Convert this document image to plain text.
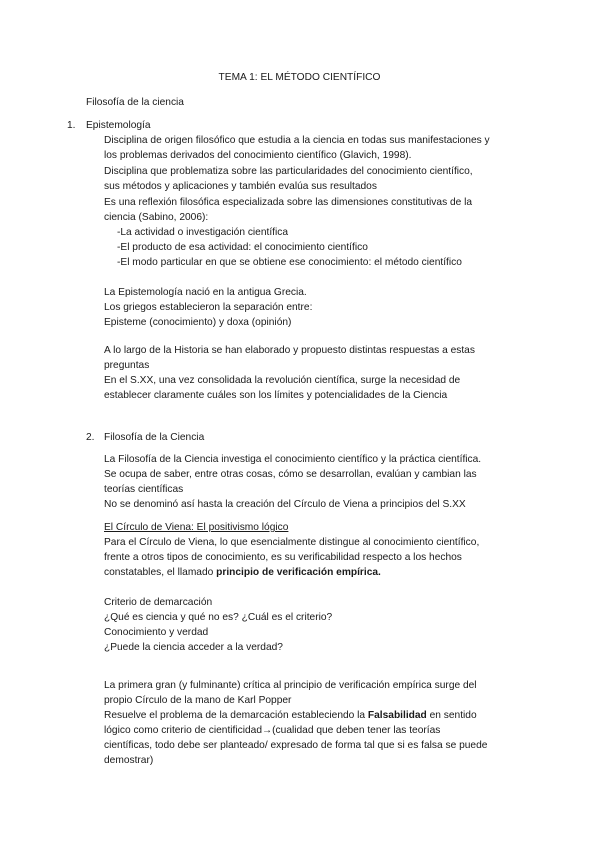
TEMA 1: EL MÉTODO CIENTÍFICO
Filosofía de la ciencia
1. Epistemología
Disciplina de origen filosófico que estudia a la ciencia en todas sus manifestaciones y
los problemas derivados del conocimiento científico (Glavich, 1998).
Disciplina que problematiza sobre las particularidades del conocimiento científico,
sus métodos y aplicaciones y también evalúa sus resultados
Es una reflexión filosófica especializada sobre las dimensiones constitutivas de la
ciencia (Sabino, 2006):
-La actividad o investigación científica
-El producto de esa actividad: el conocimiento científico
-El modo particular en que se obtiene ese conocimiento: el método científico
La Epistemología nació en la antigua Grecia.
Los griegos establecieron la separación entre:
Episteme (conocimiento) y doxa (opinión)
A lo largo de la Historia se han elaborado y propuesto distintas respuestas a estas
preguntas
En el S.XX, una vez consolidada la revolución científica, surge la necesidad de
establecer claramente cuáles son los límites y potencialidades de la Ciencia
2. Filosofía de la Ciencia
La Filosofía de la Ciencia investiga el conocimiento científico y la práctica científica.
Se ocupa de saber, entre otras cosas, cómo se desarrollan, evalúan y cambian las
teorías científicas
No se denominó así hasta la creación del Círculo de Viena a principios del S.XX
El Círculo de Viena: El positivismo lógico
Para el Círculo de Viena, lo que esencialmente distingue al conocimiento científico,
frente a otros tipos de conocimiento, es su verificabilidad respecto a los hechos
constatables, el llamado principio de verificación empírica.
Criterio de demarcación
¿Qué es ciencia y qué no es? ¿Cuál es el criterio?
Conocimiento y verdad
¿Puede la ciencia acceder a la verdad?
La primera gran (y fulminante) crítica al principio de verificación empírica surge del
propio Círculo de la mano de Karl Popper
Resuelve el problema de la demarcación estableciendo la Falsabilidad en sentido
lógico como criterio de cientificidad→(cualidad que deben tener las teorías
científicas, todo debe ser planteado/ expresado de forma tal que si es falsa se puede
demostrar)
